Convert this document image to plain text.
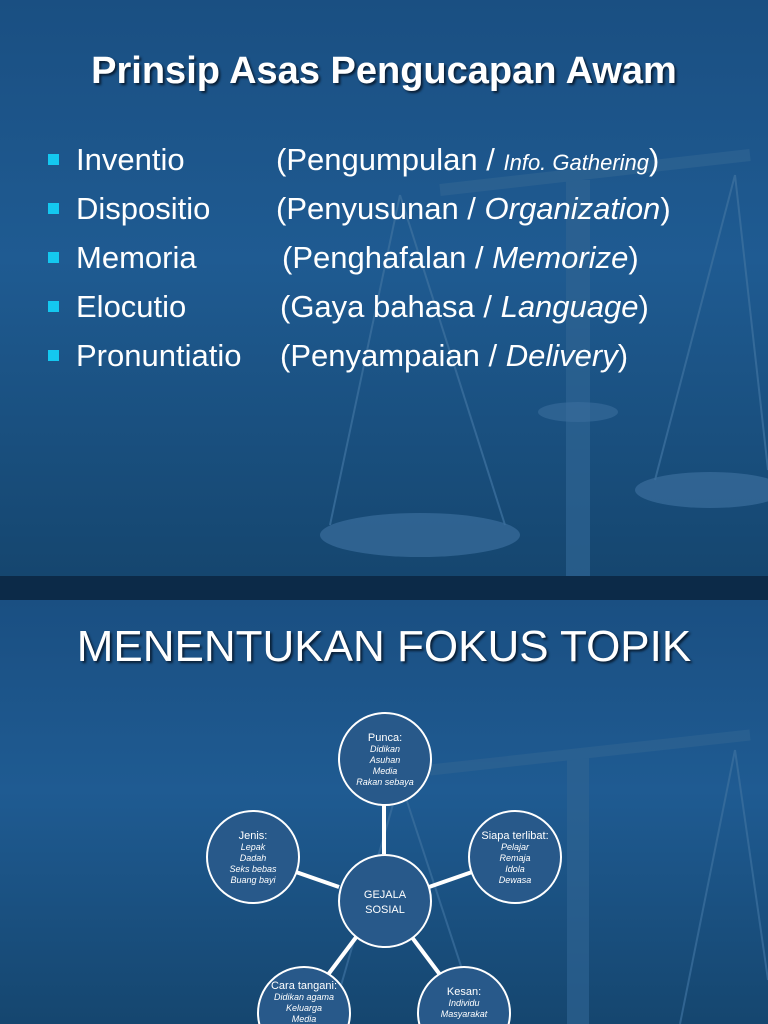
Prinsip Asas Pengucapan Awam
Inventio	(Pengumpulan / Info. Gathering)
Dispositio (Penyusunan / Organization)
Memoria	(Penghafalan / Memorize)
Elocutio	(Gaya bahasa / Language)
Pronuntiatio (Penyampaian / Delivery)
MENENTUKAN FOKUS TOPIK
GEJALA
SOSIAL
Punca:
Didikan
Asuhan
Media
Rakan sebaya
Siapa terlibat:
Pelajar
Remaja
Idola
Dewasa
Jenis:
Lepak
Dadah
Seks bebas
Buang bayi
Cara tangani:
Didikan agama
Keluarga
Media
Kesan:
Individu
Masyarakat
